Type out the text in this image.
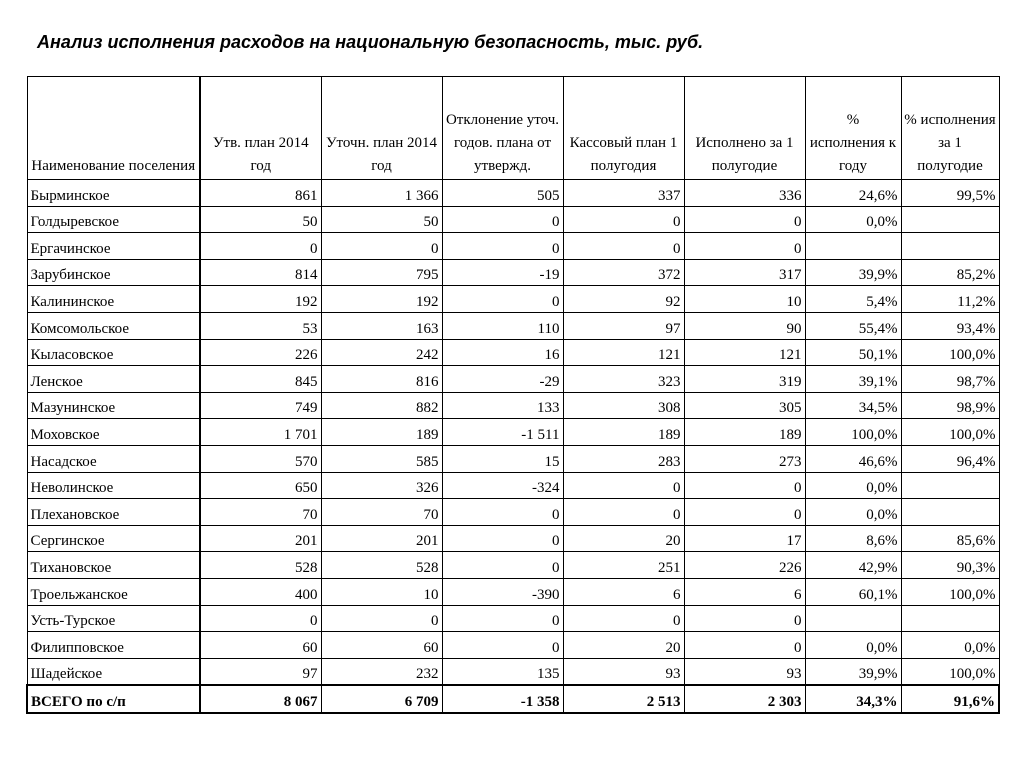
Анализ исполнения расходов на национальную безопасность, тыс. руб.
Наименование поселения	Утв. план 2014 год	Уточн. план 2014 год	Отклонение уточ. годов. плана от утвержд.	Кассовый план 1 полугодия	Исполнено за 1 полугодие	% исполнения к году	% исполнения за 1 полугодие
Бырминское	861	1 366	505	337	336	24,6%	99,5%
Голдыревское	50	50	0	0	0	0,0%	
Ергачинское	0	0	0	0	0		
Зарубинское	814	795	-19	372	317	39,9%	85,2%
Калининское	192	192	0	92	10	5,4%	11,2%
Комсомольское	53	163	110	97	90	55,4%	93,4%
Кыласовское	226	242	16	121	121	50,1%	100,0%
Ленское	845	816	-29	323	319	39,1%	98,7%
Мазунинское	749	882	133	308	305	34,5%	98,9%
Моховское	1 701	189	-1 511	189	189	100,0%	100,0%
Насадское	570	585	15	283	273	46,6%	96,4%
Неволинское	650	326	-324	0	0	0,0%	
Плехановское	70	70	0	0	0	0,0%	
Сергинское	201	201	0	20	17	8,6%	85,6%
Тихановское	528	528	0	251	226	42,9%	90,3%
Троельжанское	400	10	-390	6	6	60,1%	100,0%
Усть-Турское	0	0	0	0	0		
Филипповское	60	60	0	20	0	0,0%	0,0%
Шадейское	97	232	135	93	93	39,9%	100,0%
ВСЕГО по с/п	8 067	6 709	-1 358	2 513	2 303	34,3%	91,6%
